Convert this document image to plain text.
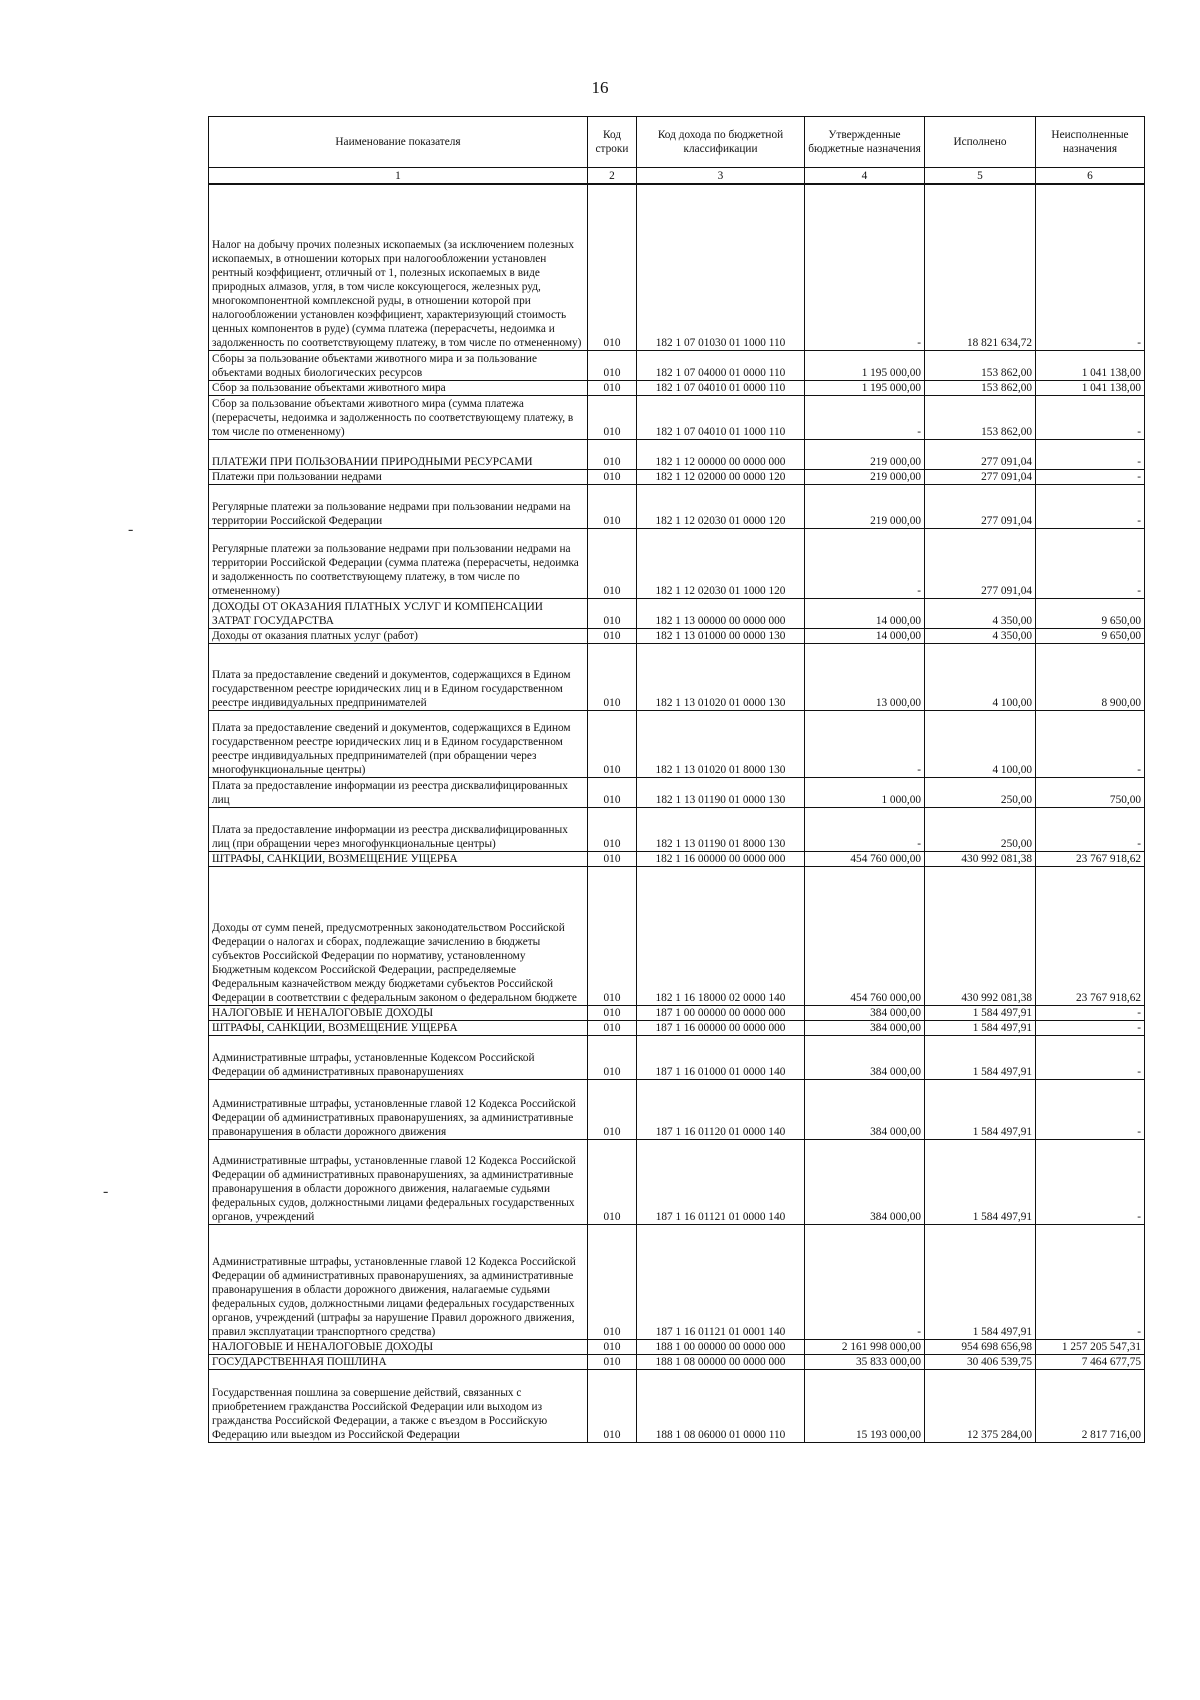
16
-
-
Наименование показателя	Код строки	Код дохода по бюджетной классификации	Утвержденные бюджетные назначения	Исполнено	Неисполненные назначения
1	2	3	4	5	6
Налог на добычу прочих полезных ископаемых (за исключением полезных ископаемых, в отношении которых при налогообложении установлен рентный коэффициент, отличный от 1, полезных ископаемых в виде природных алмазов, угля, в том числе коксующегося, железных руд, многокомпонентной комплексной руды, в отношении которой при налогообложении установлен коэффициент, характеризующий стоимость ценных компонентов в руде) (сумма платежа (перерасчеты, недоимка и задолженность по соответствующему платежу, в том числе по отмененному)	010	182 1 07 01030 01 1000 110	-	18 821 634,72	-
Сборы за пользование объектами животного мира и за пользование объектами водных биологических ресурсов	010	182 1 07 04000 01 0000 110	1 195 000,00	153 862,00	1 041 138,00
Сбор за пользование объектами животного мира	010	182 1 07 04010 01 0000 110	1 195 000,00	153 862,00	1 041 138,00
Сбор за пользование объектами животного мира (сумма платежа (перерасчеты, недоимка и задолженность по соответствующему платежу, в том числе по отмененному)	010	182 1 07 04010 01 1000 110	-	153 862,00	-
ПЛАТЕЖИ ПРИ ПОЛЬЗОВАНИИ ПРИРОДНЫМИ РЕСУРСАМИ	010	182 1 12 00000 00 0000 000	219 000,00	277 091,04	-
Платежи при пользовании недрами	010	182 1 12 02000 00 0000 120	219 000,00	277 091,04	-
Регулярные платежи за пользование недрами при пользовании недрами на территории Российской Федерации	010	182 1 12 02030 01 0000 120	219 000,00	277 091,04	-
Регулярные платежи за пользование недрами при пользовании недрами на территории Российской Федерации (сумма платежа (перерасчеты, недоимка и задолженность по соответствующему платежу, в том числе по отмененному)	010	182 1 12 02030 01 1000 120	-	277 091,04	-
ДОХОДЫ ОТ ОКАЗАНИЯ ПЛАТНЫХ УСЛУГ И КОМПЕНСАЦИИ ЗАТРАТ ГОСУДАРСТВА	010	182 1 13 00000 00 0000 000	14 000,00	4 350,00	9 650,00
Доходы от оказания платных услуг (работ)	010	182 1 13 01000 00 0000 130	14 000,00	4 350,00	9 650,00
Плата за предоставление сведений и документов, содержащихся в Едином государственном реестре юридических лиц и в Едином государственном реестре индивидуальных предпринимателей	010	182 1 13 01020 01 0000 130	13 000,00	4 100,00	8 900,00
Плата за предоставление сведений и документов, содержащихся в Едином государственном реестре юридических лиц и в Едином государственном реестре индивидуальных предпринимателей (при обращении через многофункциональные центры)	010	182 1 13 01020 01 8000 130	-	4 100,00	-
Плата за предоставление информации из реестра дисквалифицированных лиц	010	182 1 13 01190 01 0000 130	1 000,00	250,00	750,00
Плата за предоставление информации из реестра дисквалифицированных лиц (при обращении через многофункциональные центры)	010	182 1 13 01190 01 8000 130	-	250,00	-
ШТРАФЫ, САНКЦИИ, ВОЗМЕЩЕНИЕ УЩЕРБА	010	182 1 16 00000 00 0000 000	454 760 000,00	430 992 081,38	23 767 918,62
Доходы от сумм пеней, предусмотренных законодательством Российской Федерации о налогах и сборах, подлежащие зачислению в бюджеты субъектов Российской Федерации по нормативу, установленному Бюджетным кодексом Российской Федерации, распределяемые Федеральным казначейством между бюджетами субъектов Российской Федерации в соответствии с федеральным законом о федеральном бюджете	010	182 1 16 18000 02 0000 140	454 760 000,00	430 992 081,38	23 767 918,62
НАЛОГОВЫЕ И НЕНАЛОГОВЫЕ ДОХОДЫ	010	187 1 00 00000 00 0000 000	384 000,00	1 584 497,91	-
ШТРАФЫ, САНКЦИИ, ВОЗМЕЩЕНИЕ УЩЕРБА	010	187 1 16 00000 00 0000 000	384 000,00	1 584 497,91	-
Административные штрафы, установленные Кодексом Российской Федерации об административных правонарушениях	010	187 1 16 01000 01 0000 140	384 000,00	1 584 497,91	-
Административные штрафы, установленные главой 12 Кодекса Российской Федерации об административных правонарушениях, за административные правонарушения в области дорожного движения	010	187 1 16 01120 01 0000 140	384 000,00	1 584 497,91	-
Административные штрафы, установленные главой 12 Кодекса Российской Федерации об административных правонарушениях, за административные правонарушения в области дорожного движения, налагаемые судьями федеральных судов, должностными лицами федеральных государственных органов, учреждений	010	187 1 16 01121 01 0000 140	384 000,00	1 584 497,91	-
Административные штрафы, установленные главой 12 Кодекса Российской Федерации об административных правонарушениях, за административные правонарушения в области дорожного движения, налагаемые судьями федеральных судов, должностными лицами федеральных государственных органов, учреждений (штрафы за нарушение Правил дорожного движения, правил эксплуатации транспортного средства)	010	187 1 16 01121 01 0001 140	-	1 584 497,91	-
НАЛОГОВЫЕ И НЕНАЛОГОВЫЕ ДОХОДЫ	010	188 1 00 00000 00 0000 000	2 161 998 000,00	954 698 656,98	1 257 205 547,31
ГОСУДАРСТВЕННАЯ ПОШЛИНА	010	188 1 08 00000 00 0000 000	35 833 000,00	30 406 539,75	7 464 677,75
Государственная пошлина за совершение действий, связанных с приобретением гражданства Российской Федерации или выходом из гражданства Российской Федерации, а также с въездом в Российскую Федерацию или выездом из Российской Федерации	010	188 1 08 06000 01 0000 110	15 193 000,00	12 375 284,00	2 817 716,00
